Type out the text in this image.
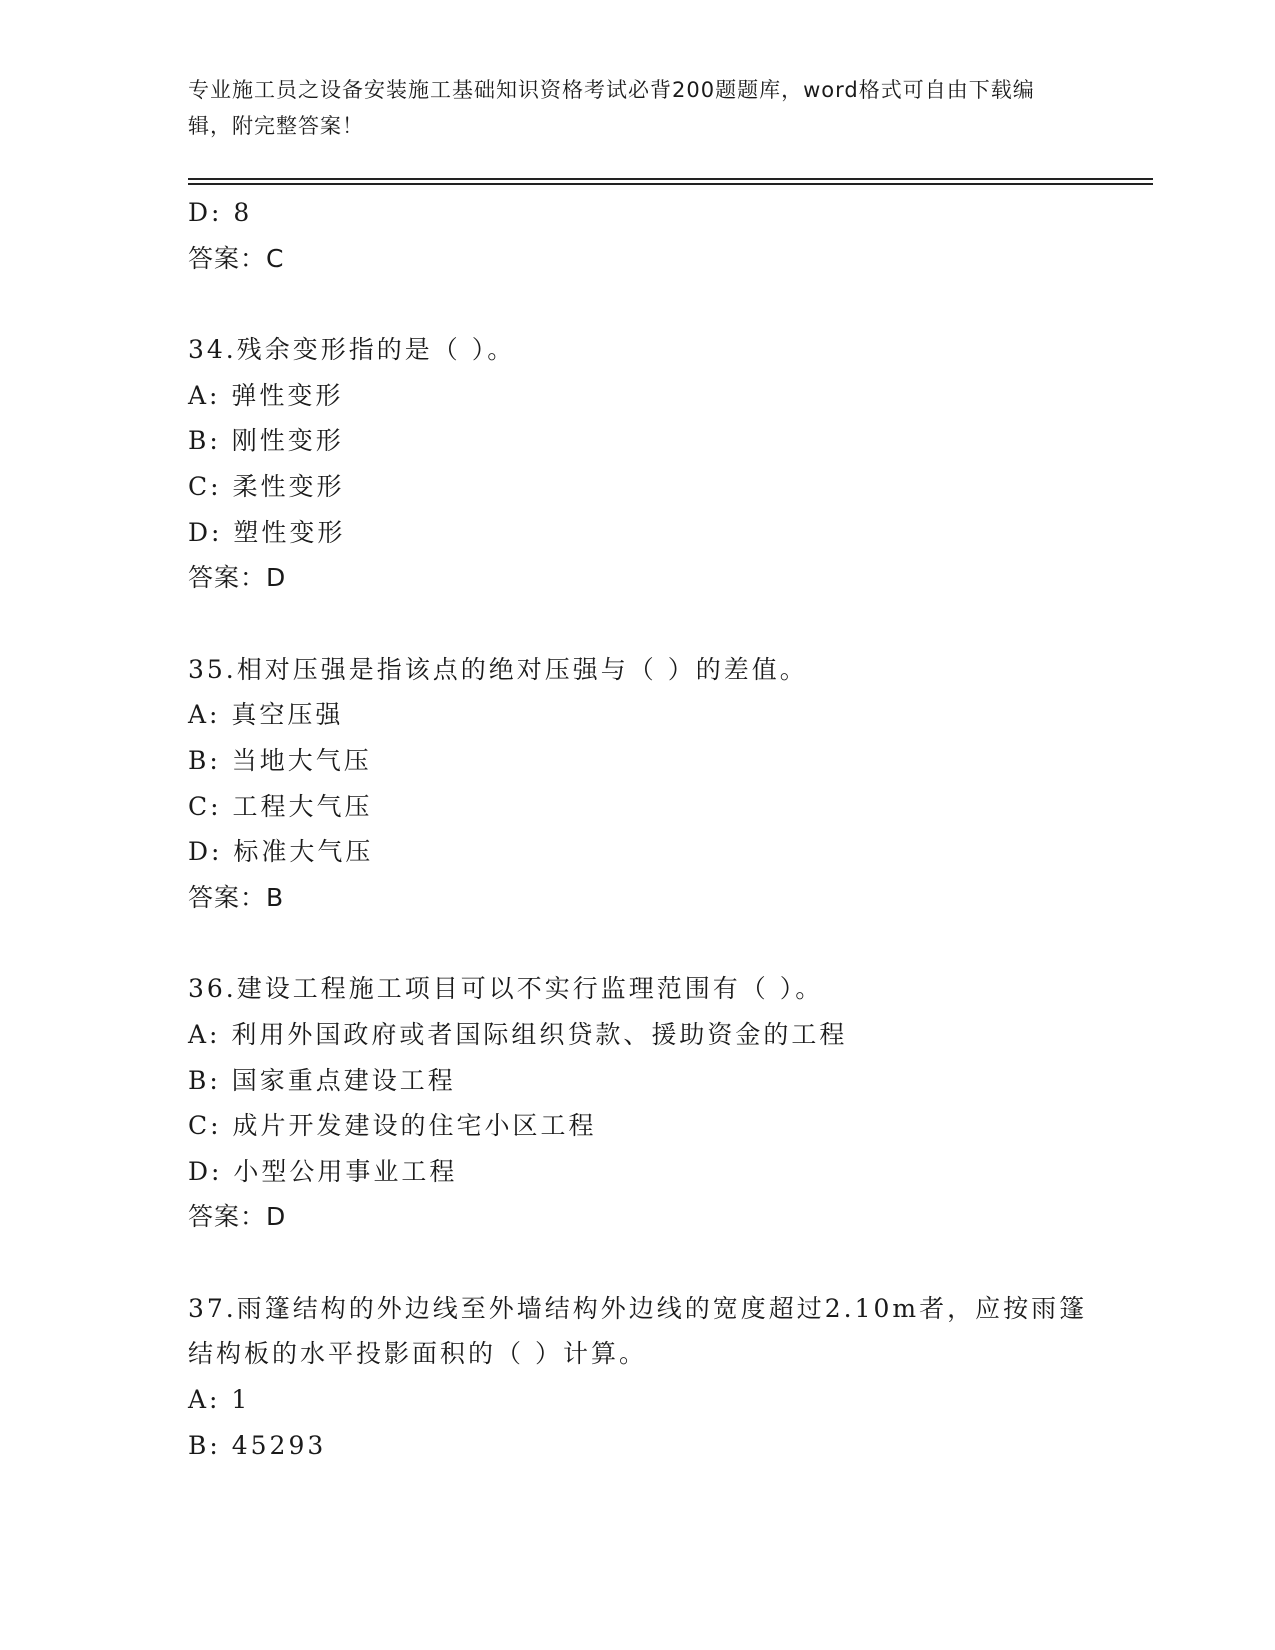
专业施工员之设备安装施工基础知识资格考试必背200题题库，word格式可自由下载编辑，附完整答案！
D: 8
答案：C
34.残余变形指的是（ ）。
A: 弹性变形
B: 刚性变形
C: 柔性变形
D: 塑性变形
答案：D
35.相对压强是指该点的绝对压强与（ ）的差值。
A: 真空压强
B: 当地大气压
C: 工程大气压
D: 标准大气压
答案：B
36.建设工程施工项目可以不实行监理范围有（ ）。
A: 利用外国政府或者国际组织贷款、援助资金的工程
B: 国家重点建设工程
C: 成片开发建设的住宅小区工程
D: 小型公用事业工程
答案：D
37.雨篷结构的外边线至外墙结构外边线的宽度超过2.10m者，应按雨篷结构板的水平投影面积的（ ）计算。
A: 1
B: 45293
